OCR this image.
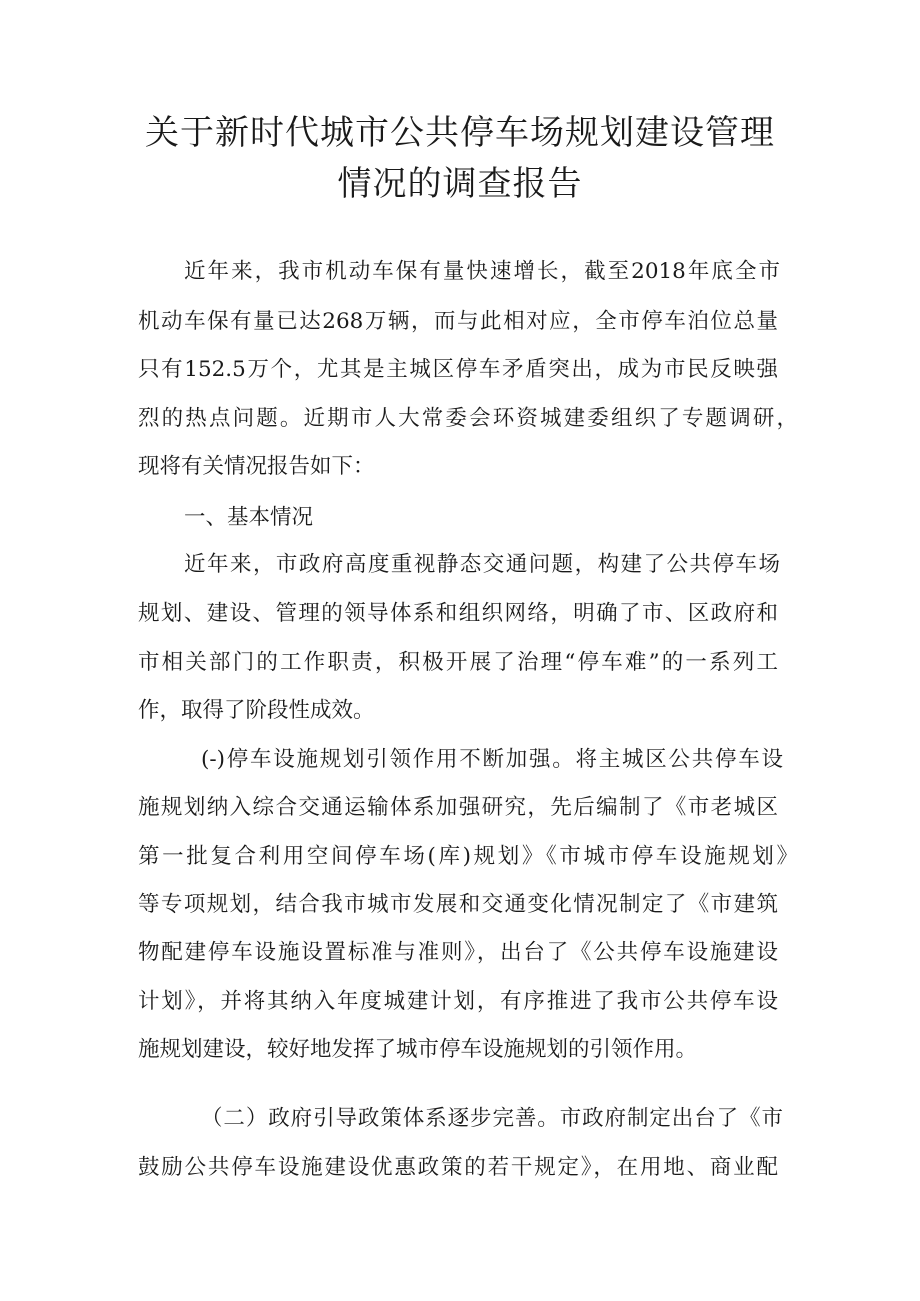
关于新时代城市公共停车场规划建设管理
情况的调查报告
近年来，我市机动车保有量快速增长，截至2018年底全市
机动车保有量已达268万辆，而与此相对应，全市停车泊位总量
只有152.5万个，尤其是主城区停车矛盾突出，成为市民反映强
烈的热点问题。近期市人大常委会环资城建委组织了专题调研，
现将有关情况报告如下：
一、基本情况
近年来，市政府高度重视静态交通问题，构建了公共停车场
规划、建设、管理的领导体系和组织网络，明确了市、区政府和
市相关部门的工作职责，积极开展了治理“停车难”的一系列工
作，取得了阶段性成效。
(-)停车设施规划引领作用不断加强。将主城区公共停车设
施规划纳入综合交通运输体系加强研究，先后编制了《市老城区
第一批复合利用空间停车场(库)规划》《市城市停车设施规划》
等专项规划，结合我市城市发展和交通变化情况制定了《市建筑
物配建停车设施设置标准与准则》，出台了《公共停车设施建设
计划》，并将其纳入年度城建计划，有序推进了我市公共停车设
施规划建设，较好地发挥了城市停车设施规划的引领作用。
（二）政府引导政策体系逐步完善。市政府制定出台了《市
鼓励公共停车设施建设优惠政策的若干规定》，在用地、商业配
